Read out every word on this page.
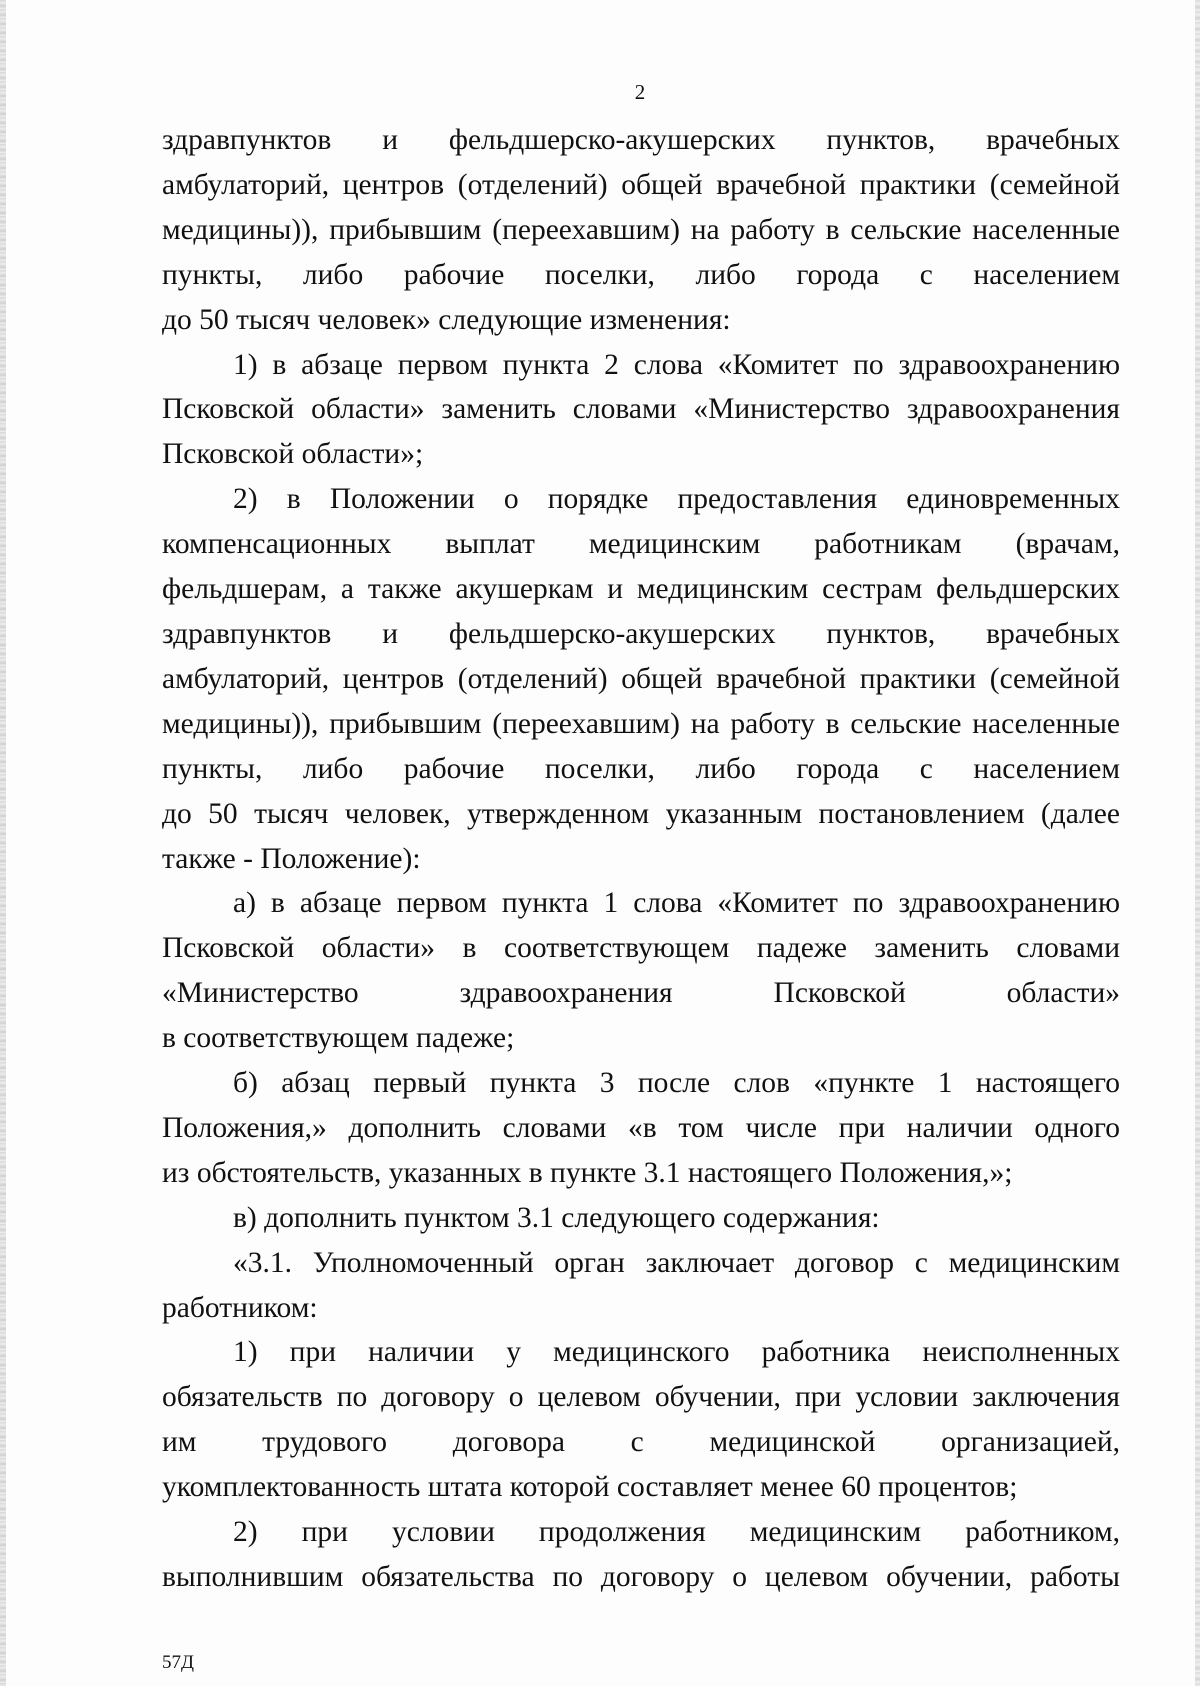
2
здравпунктов и фельдшерско-акушерских пунктов, врачебных
амбулаторий, центров (отделений) общей врачебной практики (семейной
медицины)), прибывшим (переехавшим) на работу в сельские населенные
пункты, либо рабочие поселки, либо города с населением
до 50 тысяч человек» следующие изменения:
1) в абзаце первом пункта 2 слова «Комитет по здравоохранению
Псковской области» заменить словами «Министерство здравоохранения
Псковской области»;
2) в Положении о порядке предоставления единовременных
компенсационных выплат медицинским работникам (врачам,
фельдшерам, а также акушеркам и медицинским сестрам фельдшерских
здравпунктов и фельдшерско-акушерских пунктов, врачебных
амбулаторий, центров (отделений) общей врачебной практики (семейной
медицины)), прибывшим (переехавшим) на работу в сельские населенные
пункты, либо рабочие поселки, либо города с населением
до 50 тысяч человек, утвержденном указанным постановлением (далее
также - Положение):
а) в абзаце первом пункта 1 слова «Комитет по здравоохранению
Псковской области» в соответствующем падеже заменить словами
«Министерство здравоохранения Псковской области»
в соответствующем падеже;
б) абзац первый пункта 3 после слов «пункте 1 настоящего
Положения,» дополнить словами «в том числе при наличии одного
из обстоятельств, указанных в пункте 3.1 настоящего Положения,»;
в) дополнить пунктом 3.1 следующего содержания:
«3.1. Уполномоченный орган заключает договор с медицинским
работником:
1) при наличии у медицинского работника неисполненных
обязательств по договору о целевом обучении, при условии заключения
им трудового договора с медицинской организацией,
укомплектованность штата которой составляет менее 60 процентов;
2) при условии продолжения медицинским работником,
выполнившим обязательства по договору о целевом обучении, работы
57Д
